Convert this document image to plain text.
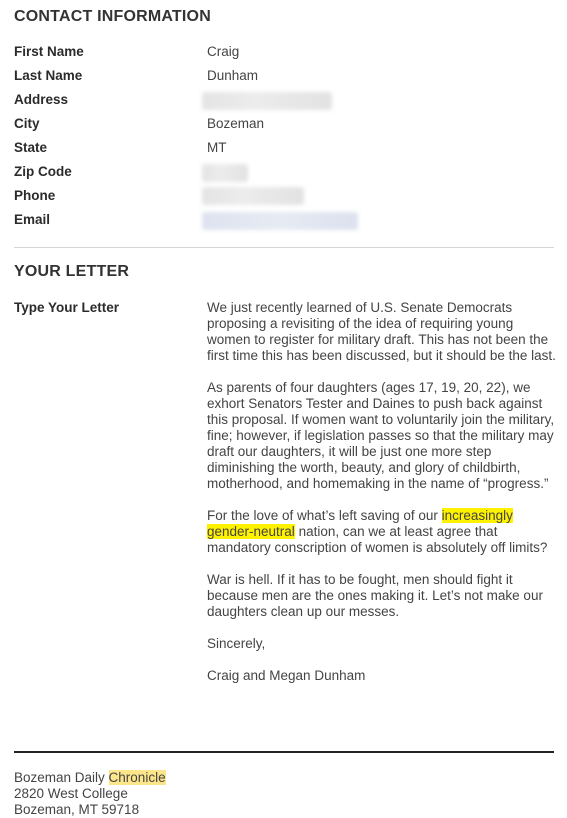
CONTACT INFORMATION
First Name	Craig
Last Name	Dunham
Address
City	Bozeman
State	MT
Zip Code
Phone
Email
YOUR LETTER
Type Your Letter	We just recently learned of U.S. Senate Democrats proposing a revisiting of the idea of requiring young women to register for military draft. This has not been the first time this has been discussed, but it should be the last.

As parents of four daughters (ages 17, 19, 20, 22), we exhort Senators Tester and Daines to push back against this proposal. If women want to voluntarily join the military, fine; however, if legislation passes so that the military may draft our daughters, it will be just one more step diminishing the worth, beauty, and glory of childbirth, motherhood, and homemaking in the name of “progress.”

For the love of what’s left saving of our increasingly gender-neutral nation, can we at least agree that mandatory conscription of women is absolutely off limits?

War is hell. If it has to be fought, men should fight it because men are the ones making it. Let’s not make our daughters clean up our messes.

Sincerely,

Craig and Megan Dunham

Bozeman Daily Chronicle
2820 West College
Bozeman, MT 59718
